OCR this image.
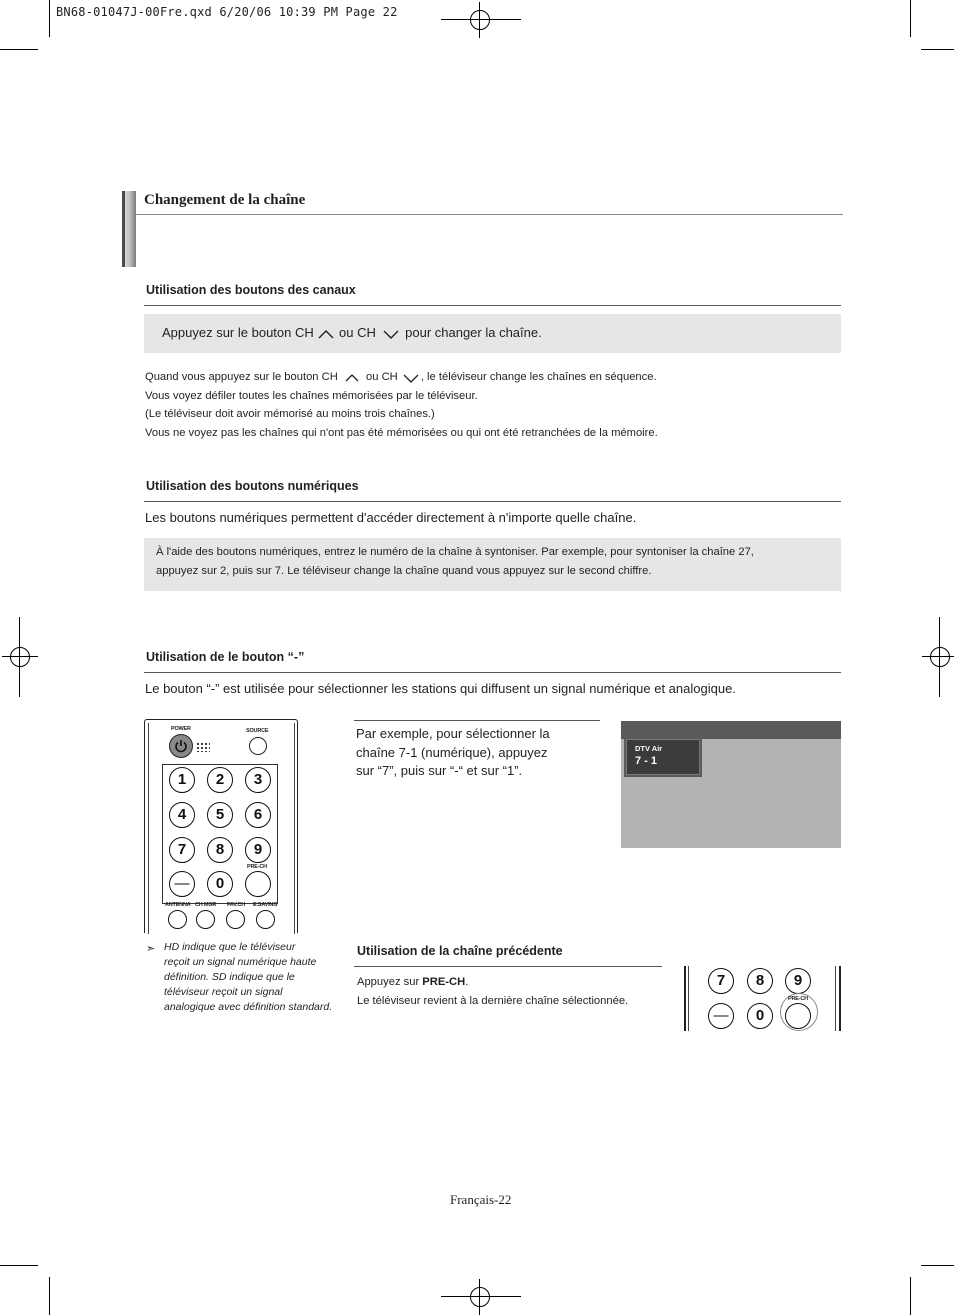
BN68-01047J-00Fre.qxd 6/20/06 10:39 PM Page 22
Changement de la chaîne
Utilisation des boutons des canaux
Appuyez sur le bouton CH ou CH pour changer la chaîne.
Quand vous appuyez sur le bouton CH	ou CH , le téléviseur change les chaînes en séquence.
Vous voyez défiler toutes les chaînes mémorisées par le téléviseur.
(Le téléviseur doit avoir mémorisé au moins trois chaînes.)
Vous ne voyez pas les chaînes qui n'ont pas été mémorisées ou qui ont été retranchées de la mémoire.
Utilisation des boutons numériques
Les boutons numériques permettent d'accéder directement à n'importe quelle chaîne.
À l'aide des boutons numériques, entrez le numéro de la chaîne à syntoniser. Par exemple, pour syntoniser la chaîne 27,
appuyez sur 2, puis sur 7. Le téléviseur change la chaîne quand vous appuyez sur le second chiffre.
Utilisation de le bouton “-”
Le bouton “-” est utilisée pour sélectionner les stations qui diffusent un signal numérique et analogique.
POWER	SOURCE
1	2	3
4	5	6
7	8	9
—	0
PRE-CH
ANTENNA CH MGR FAV.CH E.SAVING
Par exemple, pour sélectionner la
chaîne 7-1 (numérique), appuyez
sur “7”, puis sur “-“ et sur “1”.
DTV Air
7 - 1
➣ HD indique que le téléviseur
reçoit un signal numérique haute
définition. SD indique que le
téléviseur reçoit un signal
analogique avec définition standard.
Utilisation de la chaîne précédente
Appuyez sur PRE-CH.
Le téléviseur revient à la dernière chaîne sélectionnée.
7	8	9
—	0
PRE-CH
Français-22
